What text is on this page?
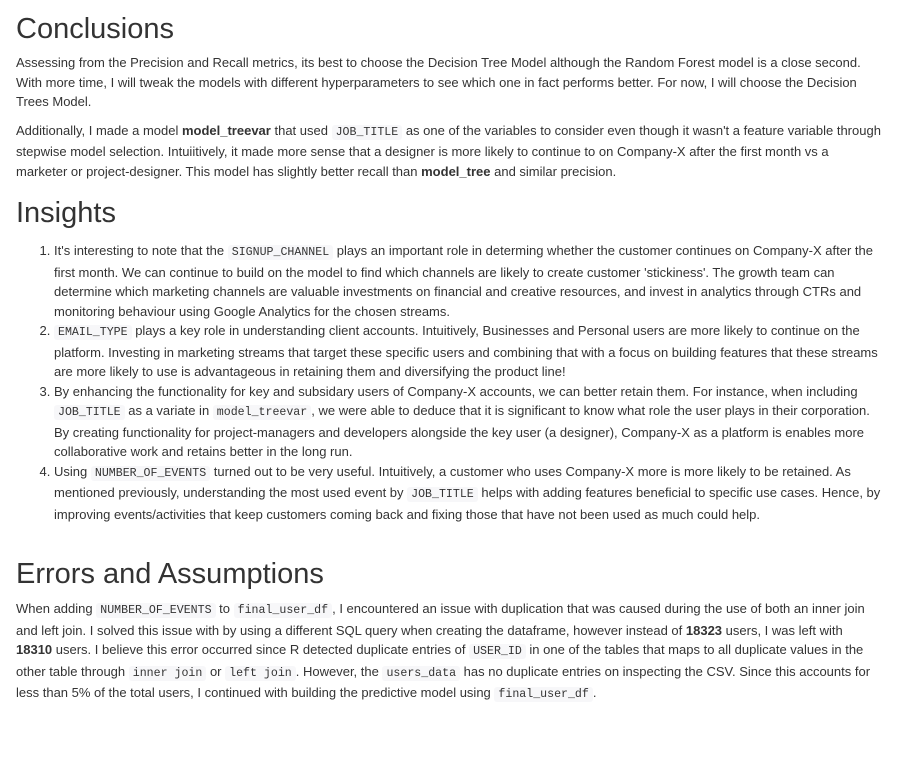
Conclusions

Assessing from the Precision and Recall metrics, its best to choose the Decision Tree Model although the Random Forest model is a close second. With more time, I will tweak the models with different hyperparameters to see which one in fact performs better. For now, I will choose the Decision Trees Model.

Additionally, I made a model model_treevar that used JOB_TITLE as one of the variables to consider even though it wasn't a feature variable through stepwise model selection. Intuiitively, it made more sense that a designer is more likely to continue to on Company-X after the first month vs a marketer or project-designer. This model has slightly better recall than model_tree and similar precision.

Insights
1. It's interesting to note that the SIGNUP_CHANNEL plays an important role in determing whether the customer continues on Company-X after the first month. We can continue to build on the model to find which channels are likely to create customer 'stickiness'. The growth team can determine which marketing channels are valuable investments on financial and creative resources, and invest in analytics through CTRs and monitoring behaviour using Google Analytics for the chosen streams.
2. EMAIL_TYPE plays a key role in understanding client accounts. Intuitively, Businesses and Personal users are more likely to continue on the platform. Investing in marketing streams that target these specific users and combining that with a focus on building features that these streams are more likely to use is advantageous in retaining them and diversifying the product line!
3. By enhancing the functionality for key and subsidary users of Company-X accounts, we can better retain them. For instance, when including JOB_TITLE as a variate in model_treevar , we were able to deduce that it is significant to know what role the user plays in their corporation. By creating functionality for project-managers and developers alongside the key user (a designer), Company-X as a platform is enables more collaborative work and retains better in the long run.
4. Using NUMBER_OF_EVENTS turned out to be very useful. Intuitively, a customer who uses Company-X more is more likely to be retained. As mentioned previously, understanding the most used event by JOB_TITLE helps with adding features beneficial to specific use cases. Hence, by improving events/activities that keep customers coming back and fixing those that have not been used as much could help.
Errors and Assumptions

When adding NUMBER_OF_EVENTS to final_user_df , I encountered an issue with duplication that was caused during the use of both an inner join and left join. I solved this issue with by using a different SQL query when creating the dataframe, however instead of 18323 users, I was left with 18310 users. I believe this error occurred since R detected duplicate entries of USER_ID in one of the tables that maps to all duplicate values in the other table through inner join or left join . However, the users_data has no duplicate entries on inspecting the CSV. Since this accounts for less than 5% of the total users, I continued with building the predictive model using final_user_df .
